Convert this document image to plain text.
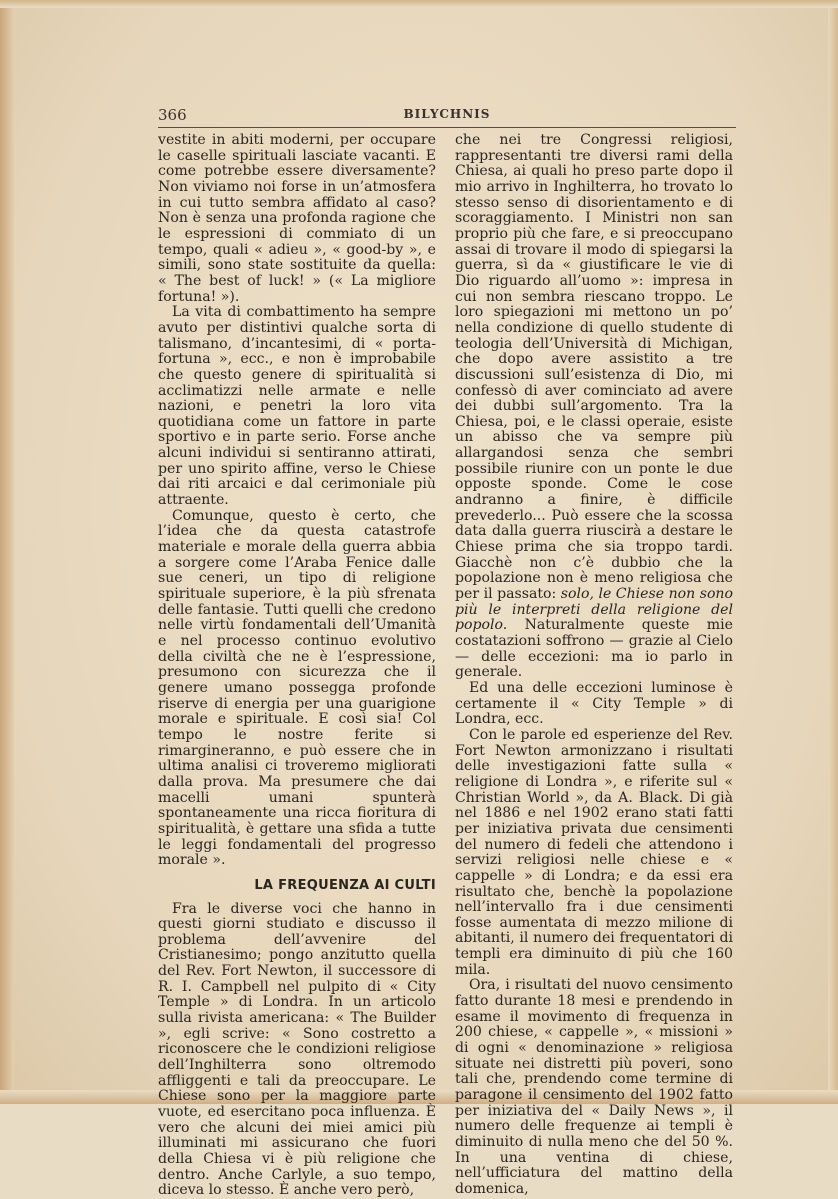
366	BILYCHNIS

vestite in abiti moderni, per occupare le caselle spirituali lasciate vacanti. E come potrebbe essere diversamente? Non viviamo noi forse in un’atmosfera in cui tutto sembra affidato al caso? Non è senza una profonda ragione che le espressioni di commiato di un tempo, quali « adieu », « good-by », e simili, sono state sostituite da quella: « The best of luck! » (« La migliore fortuna! »).

La vita di combattimento ha sempre avuto per distintivi qualche sorta di talismano, d’incantesimi, di « porta-fortuna », ecc., e non è improbabile che questo genere di spiritualità si acclimatizzi nelle armate e nelle nazioni, e penetri la loro vita quotidiana come un fattore in parte sportivo e in parte serio. Forse anche alcuni individui si sentiranno attirati, per uno spirito affine, verso le Chiese dai riti arcaici e dal cerimoniale più attraente.

Comunque, questo è certo, che l’idea che da questa catastrofe materiale e morale della guerra abbia a sorgere come l’Araba Fenice dalle sue ceneri, un tipo di religione spirituale superiore, è la più sfrenata delle fantasie. Tutti quelli che credono nelle virtù fondamentali dell’Umanità e nel processo continuo evolutivo della civiltà che ne è l’espressione, presumono con sicurezza che il genere umano possegga profonde riserve di energia per una guarigione morale e spirituale. E così sia! Col tempo le nostre ferite si rimargineranno, e può essere che in ultima analisi ci troveremo migliorati dalla prova. Ma presumere che dai macelli umani spunterà spontaneamente una ricca fioritura di spiritualità, è gettare una sfida a tutte le leggi fondamentali del progresso morale ».

LA FREQUENZA AI CULTI

Fra le diverse voci che hanno in questi giorni studiato e discusso il problema dell’avvenire del Cristianesimo; pongo anzitutto quella del Rev. Fort Newton, il successore di R. I. Campbell nel pulpito di « City Temple » di Londra. In un articolo sulla rivista americana: « The Builder », egli scrive: « Sono costretto a riconoscere che le condizioni religiose dell’Inghilterra sono oltremodo affliggenti e tali da preoccupare. Le Chiese sono per la maggiore parte vuote, ed esercitano poca influenza. È vero che alcuni dei miei amici più illuminati mi assicurano che fuori della Chiesa vi è più religione che dentro. Anche Carlyle, a suo tempo, diceva lo stesso. È anche vero però,

che nei tre Congressi religiosi, rappresentanti tre diversi rami della Chiesa, ai quali ho preso parte dopo il mio arrivo in Inghilterra, ho trovato lo stesso senso di disorientamento e di scoraggiamento. I Ministri non san proprio più che fare, e si preoccupano assai di trovare il modo di spiegarsi la guerra, sì da « giustificare le vie di Dio riguardo all’uomo »: impresa in cui non sembra riescano troppo. Le loro spiegazioni mi mettono un po’ nella condizione di quello studente di teologia dell’Università di Michigan, che dopo avere assistito a tre discussioni sull’esistenza di Dio, mi confessò di aver cominciato ad avere dei dubbi sull’argomento. Tra la Chiesa, poi, e le classi operaie, esiste un abisso che va sempre più allargandosi senza che sembri possibile riunire con un ponte le due opposte sponde. Come le cose andranno a finire, è difficile prevederlo... Può essere che la scossa data dalla guerra riuscirà a destare le Chiese prima che sia troppo tardi. Giacchè non c’è dubbio che la popolazione non è meno religiosa che per il passato: solo, le Chiese non sono più le interpreti della religione del popolo. Naturalmente queste mie costatazioni soffrono — grazie al Cielo — delle eccezioni: ma io parlo in generale.

Ed una delle eccezioni luminose è certamente il « City Temple » di Londra, ecc.

Con le parole ed esperienze del Rev. Fort Newton armonizzano i risultati delle investigazioni fatte sulla « religione di Londra », e riferite sul « Christian World », da A. Black. Di già nel 1886 e nel 1902 erano stati fatti per iniziativa privata due censimenti del numero di fedeli che attendono i servizi religiosi nelle chiese e « cappelle » di Londra; e da essi era risultato che, benchè la popolazione nell’intervallo fra i due censimenti fosse aumentata di mezzo milione di abitanti, il numero dei frequentatori di templi era diminuito di più che 160 mila.

Ora, i risultati del nuovo censimento fatto durante 18 mesi e prendendo in esame il movimento di frequenza in 200 chiese, « cappelle », « missioni » di ogni « denominazione » religiosa situate nei distretti più poveri, sono tali che, prendendo come termine di paragone il censimento del 1902 fatto per iniziativa del « Daily News », il numero delle frequenze ai templi è diminuito di nulla meno che del 50 %. In una ventina di chiese, nell’ufficiatura del mattino della domenica,
